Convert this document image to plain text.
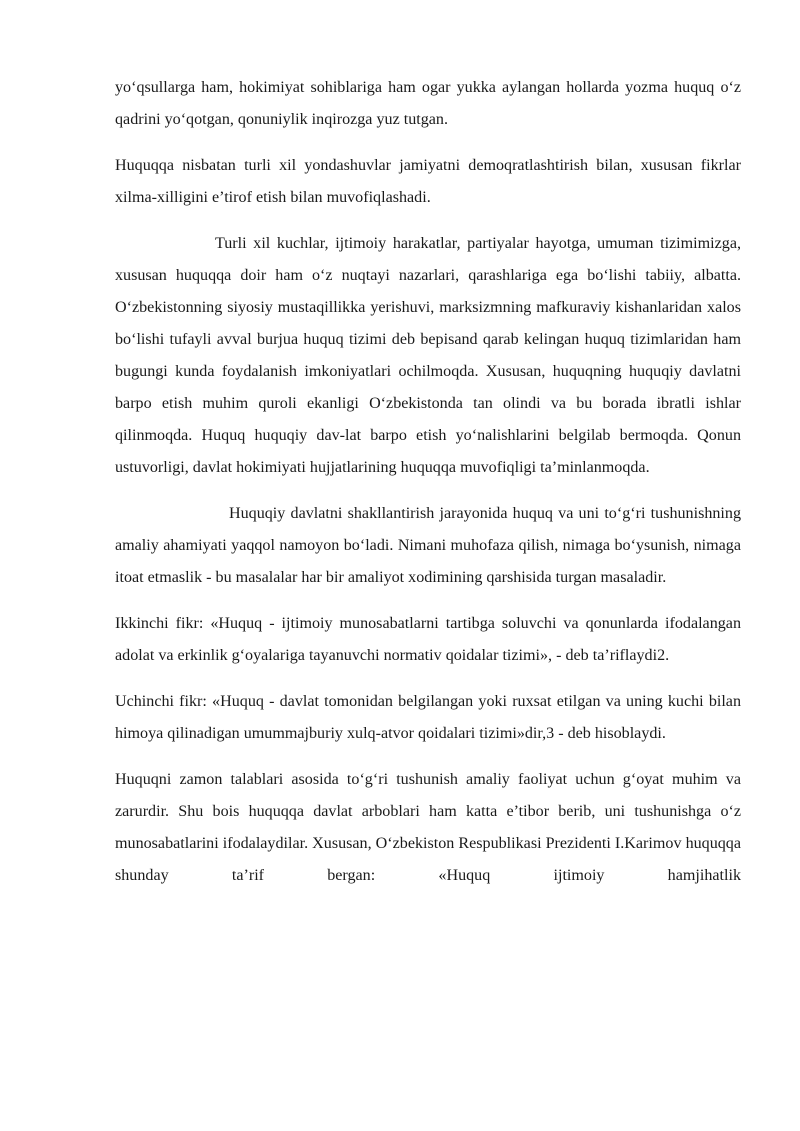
yoʻqsullarga ham, hokimiyat sohiblariga ham ogar yukka aylangan hollarda yozma huquq oʻz qadrini yoʻqotgan, qonuniylik inqirozga yuz tutgan.

Huquqqa nisbatan turli xil yondashuvlar jamiyatni demoqratlashtirish bilan, xususan fikrlar xilma-xilligini e’tirof etish bilan muvofiqlashadi.

Turli xil kuchlar, ijtimoiy harakatlar, partiyalar hayotga, umuman tizimimizga, xususan huquqqa doir ham oʻz nuqtayi nazarlari, qarashlariga ega boʻlishi tabiiy, albatta. Oʻzbekistonning siyosiy mustaqillikka yerishuvi, marksizmning mafkuraviy kishanlaridan xalos boʻlishi tufayli avval burjua huquq tizimi deb bepisand qarab kelingan huquq tizimlaridan ham bugungi kunda foydalanish imkoniyatlari ochilmoqda. Xususan, huquqning huquqiy davlatni barpo etish muhim quroli ekanligi Oʻzbekistonda tan olindi va bu borada ibratli ishlar qilinmoqda. Huquq huquqiy dav-lat barpo etish yoʻnalishlarini belgilab bermoqda. Qonun ustuvorligi, davlat hokimiyati hujjatlarining huquqqa muvofiqligi ta’minlanmoqda.

Huquqiy davlatni shakllantirish jarayonida huquq va uni toʻgʻri tushunishning amaliy ahamiyati yaqqol namoyon boʻladi. Nimani muhofaza qilish, nimaga boʻysunish, nimaga itoat etmaslik - bu masalalar har bir amaliyot xodimining qarshisida turgan masaladir.

Ikkinchi fikr: «Huquq - ijtimoiy munosabatlarni tartibga soluvchi va qonunlarda ifodalangan adolat va erkinlik gʻoyalariga tayanuvchi normativ qoidalar tizimi», - deb ta’riflaydi2.

Uchinchi fikr: «Huquq - davlat tomonidan belgilangan yoki ruxsat etilgan va uning kuchi bilan himoya qilinadigan umummajburiy xulq-atvor qoidalari tizimi»dir,3 - deb hisoblaydi.

Huquqni zamon talablari asosida toʻgʻri tushunish amaliy faoliyat uchun gʻoyat muhim va zarurdir. Shu bois huquqqa davlat arboblari ham katta e’tibor berib, uni tushunishga oʻz munosabatlarini ifodalaydilar. Xususan, Oʻzbekiston Respublikasi Prezidenti I.Karimov huquqqa shunday ta’rif bergan: «Huquq ijtimoiy hamjihatlik
